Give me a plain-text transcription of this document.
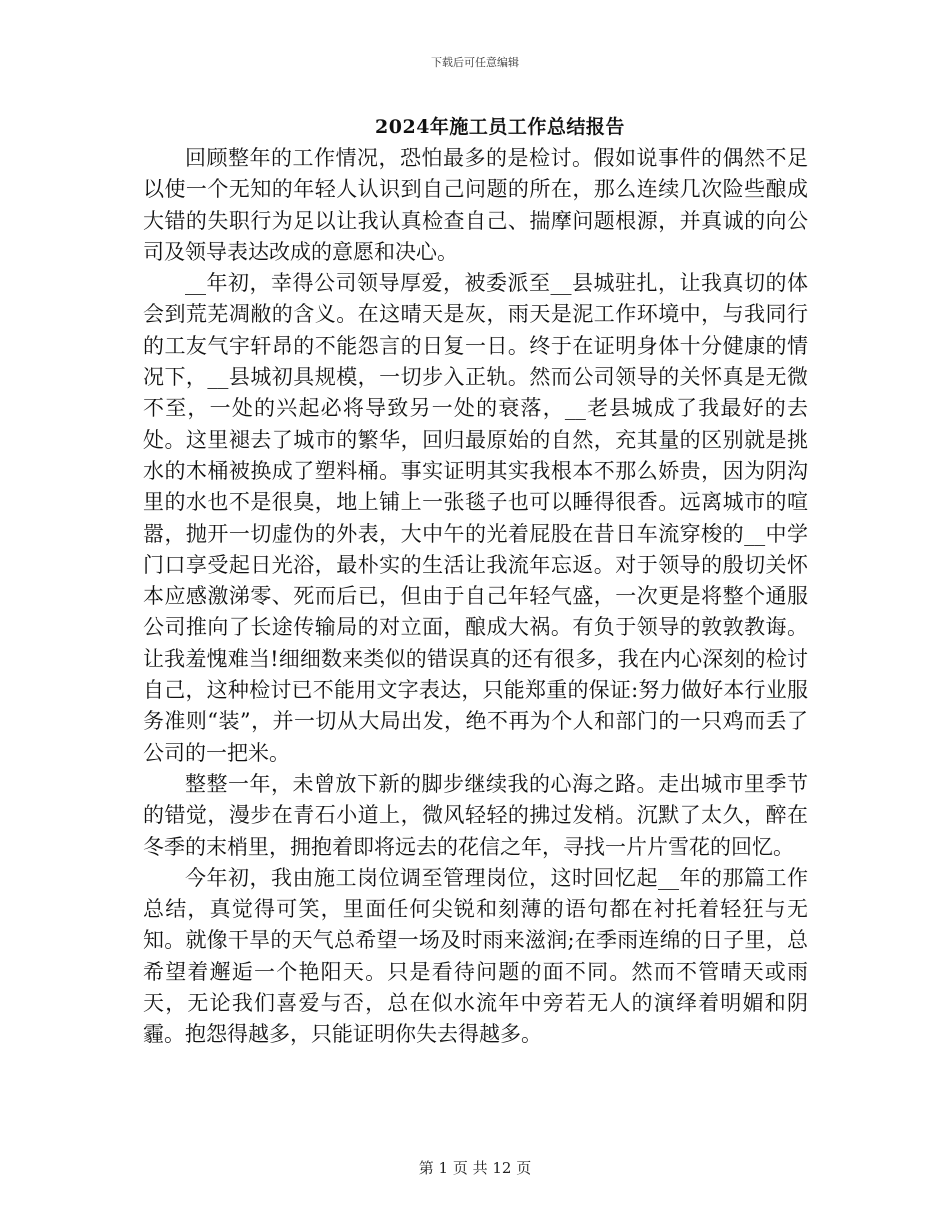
下载后可任意编辑
2024年施工员工作总结报告

回顾整年的工作情况，恐怕最多的是检讨。假如说事件的偶然不足以使一个无知的年轻人认识到自己问题的所在，那么连续几次险些酿成大错的失职行为足以让我认真检查自己、揣摩问题根源，并真诚的向公司及领导表达改成的意愿和决心。

__年初，幸得公司领导厚爱，被委派至__县城驻扎，让我真切的体会到荒芜凋敝的含义。在这晴天是灰，雨天是泥工作环境中，与我同行的工友气宇轩昂的不能怨言的日复一日。终于在证明身体十分健康的情况下，__县城初具规模，一切步入正轨。然而公司领导的关怀真是无微不至，一处的兴起必将导致另一处的衰落，__老县城成了我最好的去处。这里褪去了城市的繁华，回归最原始的自然，充其量的区别就是挑水的木桶被换成了塑料桶。事实证明其实我根本不那么娇贵，因为阴沟里的水也不是很臭，地上铺上一张毯子也可以睡得很香。远离城市的喧嚣，抛开一切虚伪的外表，大中午的光着屁股在昔日车流穿梭的__中学门口享受起日光浴，最朴实的生活让我流年忘返。对于领导的殷切关怀本应感激涕零、死而后已，但由于自己年轻气盛，一次更是将整个通服公司推向了长途传输局的对立面，酿成大祸。有负于领导的敦敦教诲。让我羞愧难当!细细数来类似的错误真的还有很多，我在内心深刻的检讨自己，这种检讨已不能用文字表达，只能郑重的保证:努力做好本行业服务准则“装”，并一切从大局出发，绝不再为个人和部门的一只鸡而丢了公司的一把米。

整整一年，未曾放下新的脚步继续我的心海之路。走出城市里季节的错觉，漫步在青石小道上，微风轻轻的拂过发梢。沉默了太久，醉在冬季的末梢里，拥抱着即将远去的花信之年，寻找一片片雪花的回忆。

今年初，我由施工岗位调至管理岗位，这时回忆起__年的那篇工作总结，真觉得可笑，里面任何尖锐和刻薄的语句都在衬托着轻狂与无知。就像干旱的天气总希望一场及时雨来滋润;在季雨连绵的日子里，总希望着邂逅一个艳阳天。只是看待问题的面不同。然而不管晴天或雨天，无论我们喜爱与否，总在似水流年中旁若无人的演绎着明媚和阴霾。抱怨得越多，只能证明你失去得越多。

第 1 页 共 12 页
